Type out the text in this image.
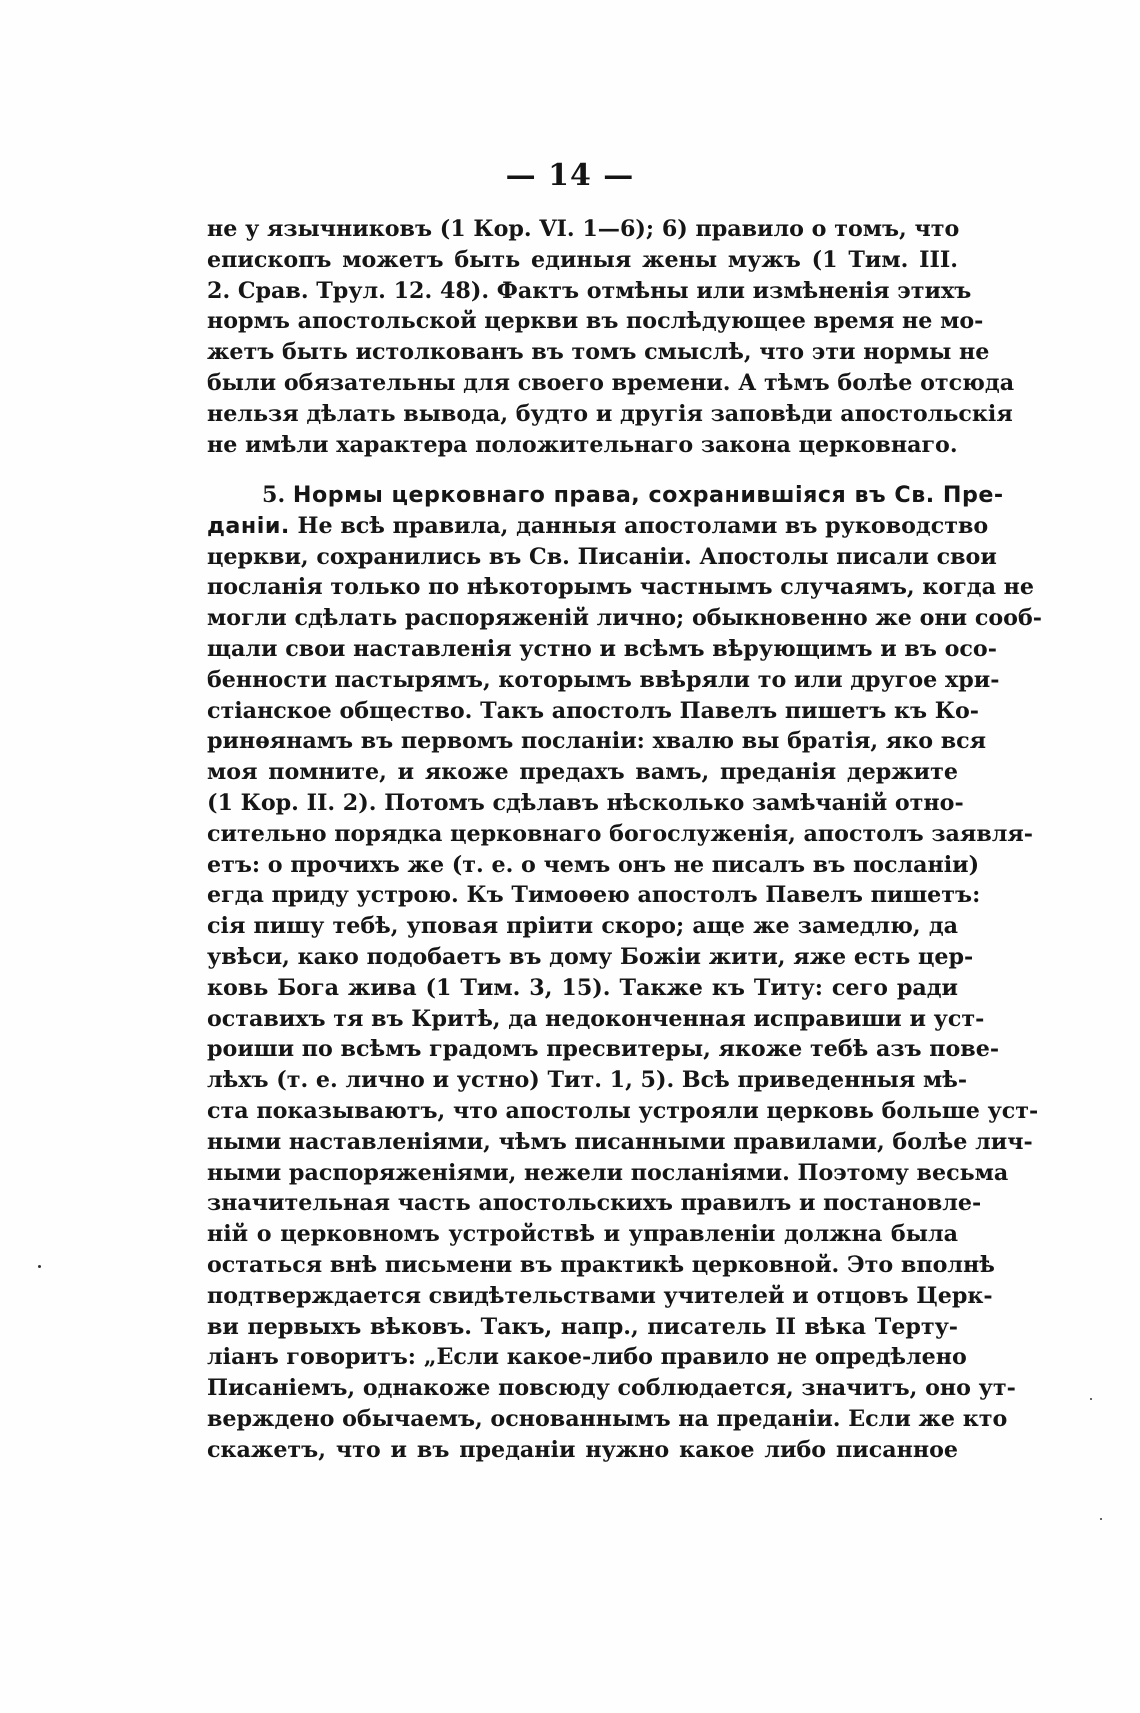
— 14 —
не у язычниковъ (1 Кор. VI. 1—6); 6) правило о томъ, что
епископъ можетъ быть единыя жены мужъ (1 Тим. III.
2. Срав. Трул. 12. 48). Фактъ отмѣны или измѣненія этихъ
нормъ апостольской церкви въ послѣдующее время не мо-
жетъ быть истолкованъ въ томъ смыслѣ, что эти нормы не
были обязательны для своего времени. А тѣмъ болѣе отсюда
нельзя дѣлать вывода, будто и другія заповѣди апостольскія
не имѣли характера положительнаго закона церковнаго.
5. Нормы церковнаго права, сохранившіяся въ Св. Пре-
даніи. Не всѣ правила, данныя апостолами въ руководство
церкви, сохранились въ Св. Писаніи. Апостолы писали свои
посланія только по нѣкоторымъ частнымъ случаямъ, когда не
могли сдѣлать распоряженій лично; обыкновенно же они сооб-
щали свои наставленія устно и всѣмъ вѣрующимъ и въ осо-
бенности пастырямъ, которымъ ввѣряли то или другое хри-
стіанское общество. Такъ апостолъ Павелъ пишетъ къ Ко-
ринѳянамъ въ первомъ посланіи: хвалю вы братія, яко вся
моя помните, и якоже предахъ вамъ, преданія держите
(1 Кор. II. 2). Потомъ сдѣлавъ нѣсколько замѣчаній отно-
сительно порядка церковнаго богослуженія, апостолъ заявля-
етъ: о прочихъ же (т. е. о чемъ онъ не писалъ въ посланіи)
егда приду устрою. Къ Тимоѳею апостолъ Павелъ пишетъ:
сія пишу тебѣ, уповая пріити скоро; аще же замедлю, да
увѣси, како подобаетъ въ дому Божіи жити, яже есть цер-
ковь Бога жива (1 Тим. 3, 15). Также къ Титу: сего ради
оставихъ тя въ Критѣ, да недоконченная исправиши и уст-
роиши по всѣмъ градомъ пресвитеры, якоже тебѣ азъ пове-
лѣхъ (т. е. лично и устно) Тит. 1, 5). Всѣ приведенныя мѣ-
ста показываютъ, что апостолы устрояли церковь больше уст-
ными наставленіями, чѣмъ писанными правилами, болѣе лич-
ными распоряженіями, нежели посланіями. Поэтому весьма
значительная часть апостольскихъ правилъ и постановле-
ній о церковномъ устройствѣ и управленіи должна была
остаться внѣ письмени въ практикѣ церковной. Это вполнѣ
подтверждается свидѣтельствами учителей и отцовъ Церк-
ви первыхъ вѣковъ. Такъ, напр., писатель II вѣка Терту-
ліанъ говоритъ: „Если какое-либо правило не опредѣлено
Писаніемъ, однакоже повсюду соблюдается, значитъ, оно ут-
верждено обычаемъ, основаннымъ на преданіи. Если же кто
скажетъ, что и въ преданіи нужно какое либо писанное
